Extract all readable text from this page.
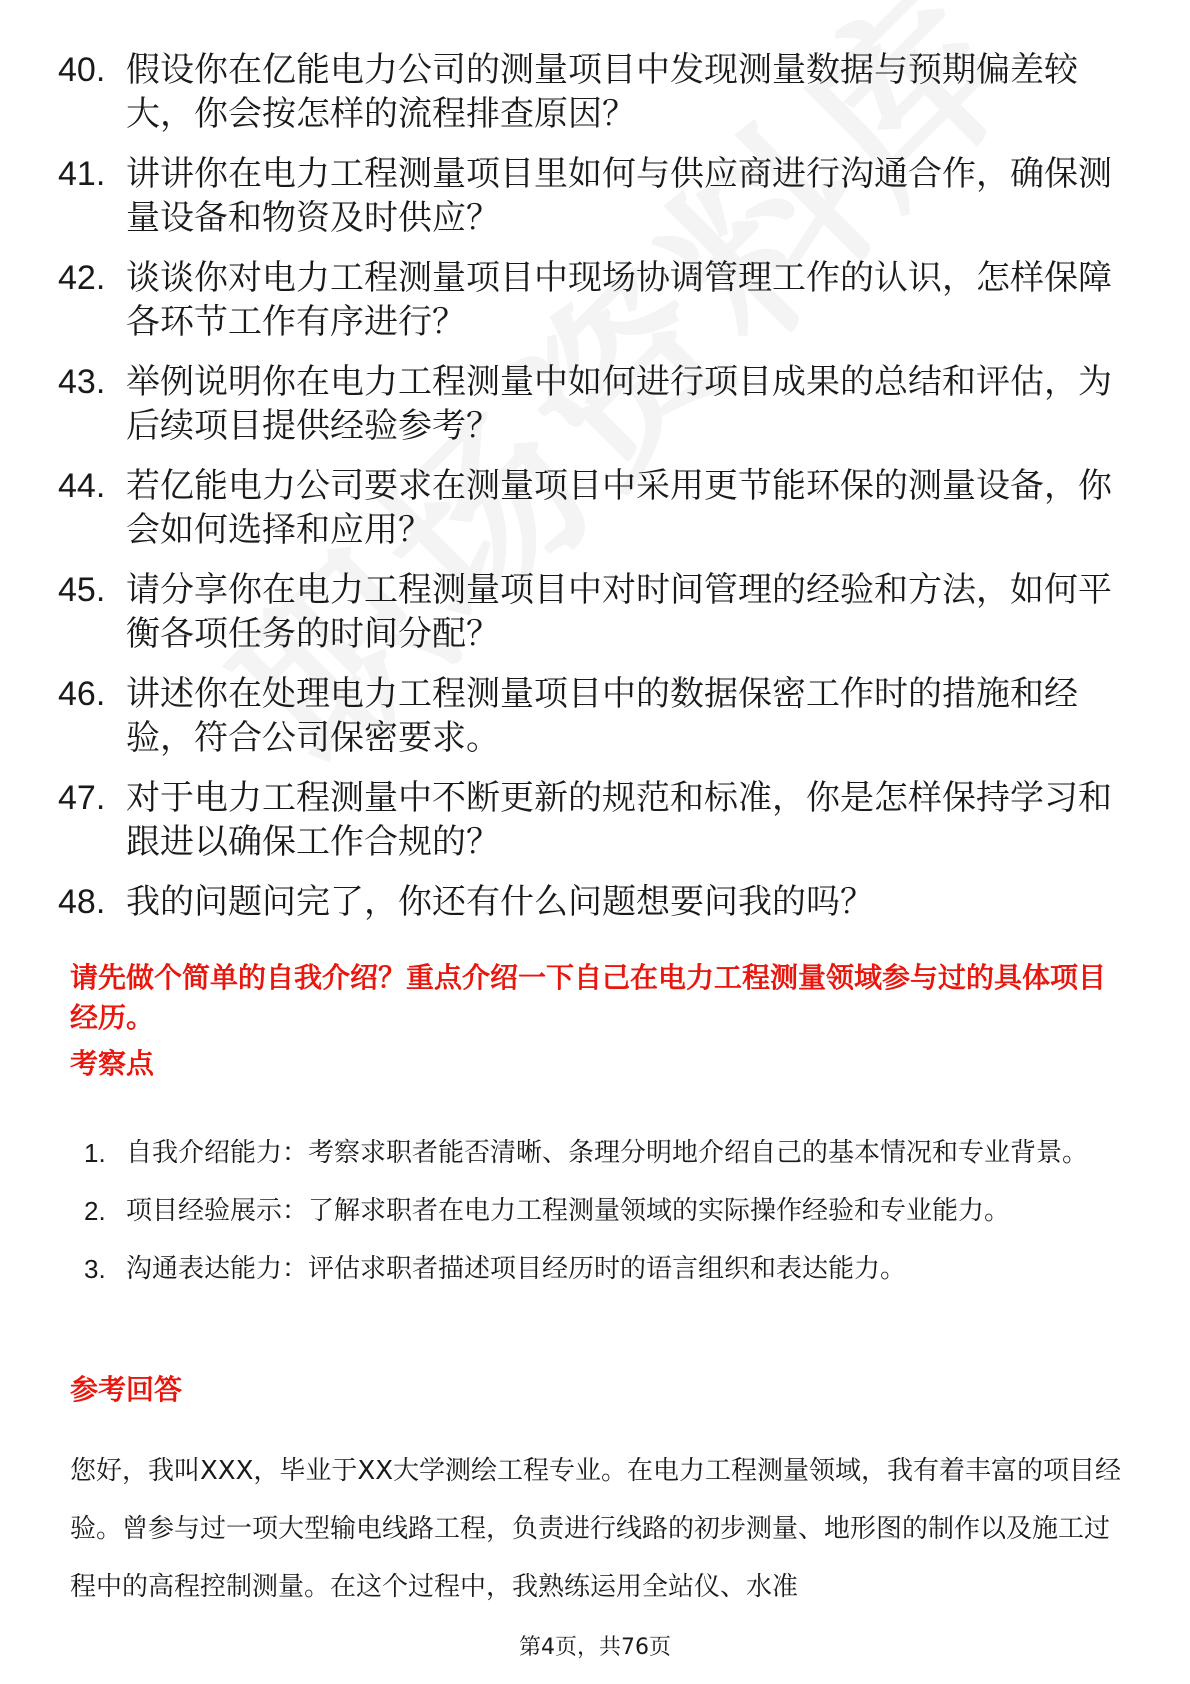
40. 假设你在亿能电力公司的测量项目中发现测量数据与预期偏差较大，你会按怎样的流程排查原因？
41. 讲讲你在电力工程测量项目里如何与供应商进行沟通合作，确保测量设备和物资及时供应？
42. 谈谈你对电力工程测量项目中现场协调管理工作的认识，怎样保障各环节工作有序进行？
43. 举例说明你在电力工程测量中如何进行项目成果的总结和评估，为后续项目提供经验参考？
44. 若亿能电力公司要求在测量项目中采用更节能环保的测量设备，你会如何选择和应用？
45. 请分享你在电力工程测量项目中对时间管理的经验和方法，如何平衡各项任务的时间分配？
46. 讲述你在处理电力工程测量项目中的数据保密工作时的措施和经验，符合公司保密要求。
47. 对于电力工程测量中不断更新的规范和标准，你是怎样保持学习和跟进以确保工作合规的？
48. 我的问题问完了，你还有什么问题想要问我的吗？
请先做个简单的自我介绍？重点介绍一下自己在电力工程测量领域参与过的具体项目经历。
考察点
1. 自我介绍能力：考察求职者能否清晰、条理分明地介绍自己的基本情况和专业背景。
2. 项目经验展示：了解求职者在电力工程测量领域的实际操作经验和专业能力。
3. 沟通表达能力：评估求职者描述项目经历时的语言组织和表达能力。
参考回答

您好，我叫XXX，毕业于XX大学测绘工程专业。在电力工程测量领域，我有着丰富的项目经验。曾参与过一项大型输电线路工程，负责进行线路的初步测量、地形图的制作以及施工过程中的高程控制测量。在这个过程中，我熟练运用全站仪、水准

第4页，共76页
